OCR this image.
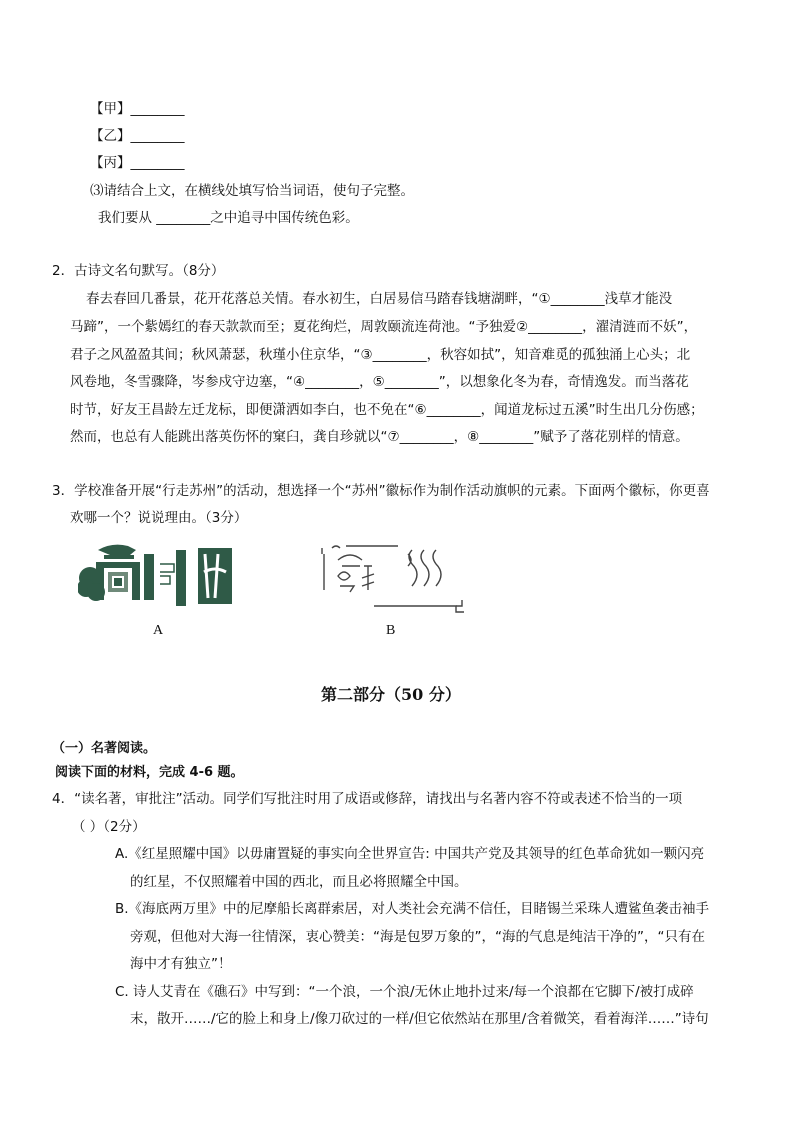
【甲】________
【乙】________
【丙】________
⑶请结合上文，在横线处填写恰当词语，使句子完整。
我们要从 ________之中追寻中国传统色彩。
2．古诗文名句默写。（8分）
春去春回几番景，花开花落总关情。春水初生，白居易信马踏春钱塘湖畔，“①________浅草才能没
马蹄”，一个紫嫣红的春天款款而至；夏花绚烂，周敦颐流连荷池。“予独爱②________，濯清涟而不妖”，
君子之风盈盈其间；秋风萧瑟，秋瑾小住京华，“③________，秋容如拭”，知音难觅的孤独涌上心头；北
风卷地，冬雪骤降，岑参戍守边塞，“④________，⑤________”，以想象化冬为春，奇情逸发。而当落花
时节，好友王昌龄左迁龙标，即便潇洒如李白，也不免在“⑥________，闻道龙标过五溪”时生出几分伤感；
然而，也总有人能跳出落英伤怀的窠臼，龚自珍就以“⑦________，⑧________”赋予了落花别样的情意。
3．学校准备开展“行走苏州”的活动，想选择一个“苏州”徽标作为制作活动旗帜的元素。下面两个徽标，你更喜
欢哪一个？说说理由。（3分）
A	B
第二部分（50 分）
（一）名著阅读。
阅读下面的材料，完成 4-6 题。
4．“读名著，审批注”活动。同学们写批注时用了成语或修辞，请找出与名著内容不符或表述不恰当的一项
（ ）（2分）
A.《红星照耀中国》以毋庸置疑的事实向全世界宣告: 中国共产党及其领导的红色革命犹如一颗闪亮
的红星，不仅照耀着中国的西北，而且必将照耀全中国。
B.《海底两万里》中的尼摩船长离群索居，对人类社会充满不信任，目睹锡兰采珠人遭鲨鱼袭击袖手
旁观，但他对大海一往情深，衷心赞美：“海是包罗万象的”，“海的气息是纯洁干净的”，“只有在
海中才有独立”！
C. 诗人艾青在《礁石》中写到：“一个浪，一个浪/无休止地扑过来/每一个浪都在它脚下/被打成碎
末，散开……/它的脸上和身上/像刀砍过的一样/但它依然站在那里/含着微笑，看着海洋……”诗句
